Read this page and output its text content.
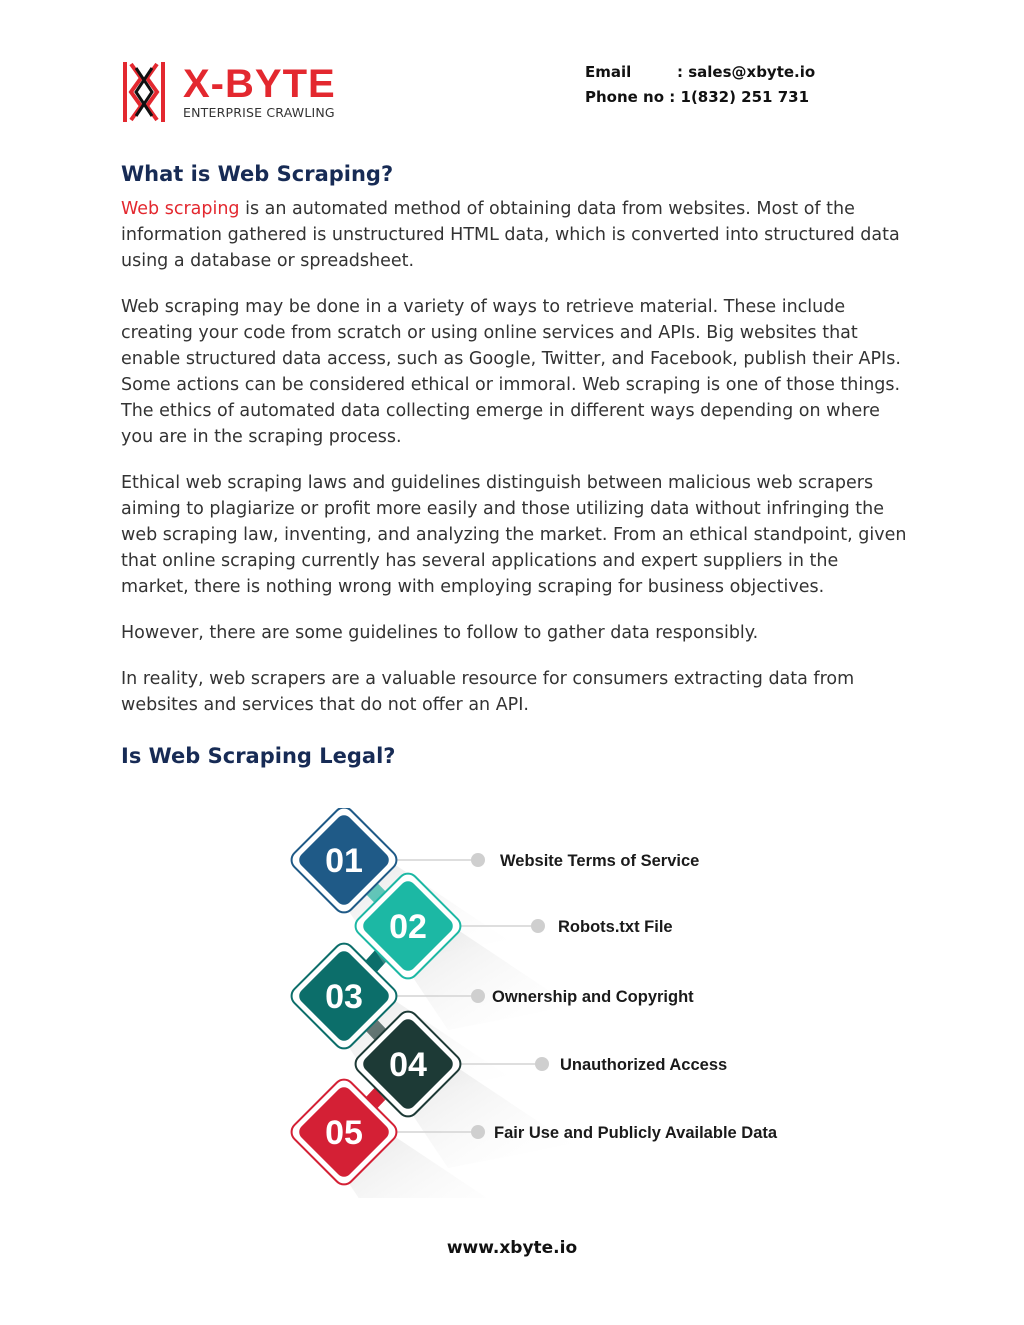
X-BYTE
ENTERPRISE CRAWLING
Email	: sales@xbyte.io
Phone no : 1(832) 251 731
What is Web Scraping?

Web scraping is an automated method of obtaining data from websites. Most of the information gathered is unstructured HTML data, which is converted into structured data using a database or spreadsheet.

Web scraping may be done in a variety of ways to retrieve material. These include creating your code from scratch or using online services and APIs. Big websites that enable structured data access, such as Google, Twitter, and Facebook, publish their APIs. Some actions can be considered ethical or immoral. Web scraping is one of those things. The ethics of automated data collecting emerge in different ways depending on where you are in the scraping process.

Ethical web scraping laws and guidelines distinguish between malicious web scrapers aiming to plagiarize or profit more easily and those utilizing data without infringing the web scraping law, inventing, and analyzing the market. From an ethical standpoint, given that online scraping currently has several applications and expert suppliers in the market, there is nothing wrong with employing scraping for business objectives.

However, there are some guidelines to follow to gather data responsibly.

In reality, web scrapers are a valuable resource for consumers extracting data from websites and services that do not offer an API.

Is Web Scraping Legal?
01
02
03
04
05
Website Terms of Service
Robots.txt File
Ownership and Copyright
Unauthorized Access
Fair Use and Publicly Available Data
www.xbyte.io
